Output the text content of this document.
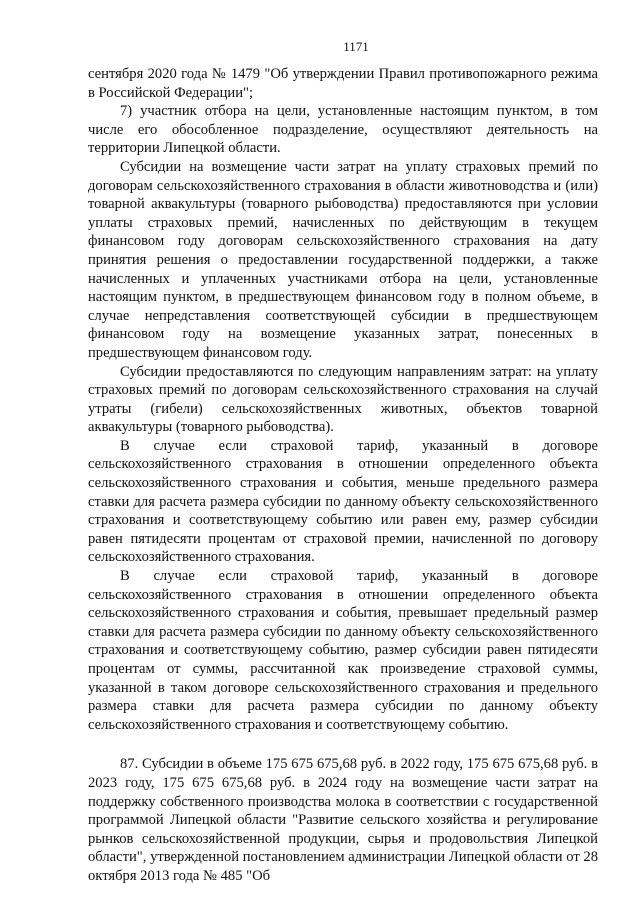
1171

сентября 2020 года № 1479 "Об утверждении Правил противопожарного режима в Российской Федерации";

7) участник отбора на цели, установленные настоящим пунктом, в том числе его обособленное подразделение, осуществляют деятельность на территории Липецкой области.

Субсидии на возмещение части затрат на уплату страховых премий по договорам сельскохозяйственного страхования в области животноводства и (или) товарной аквакультуры (товарного рыбоводства) предоставляются при условии уплаты страховых премий, начисленных по действующим в текущем финансовом году договорам сельскохозяйственного страхования на дату принятия решения о предоставлении государственной поддержки, а также начисленных и уплаченных участниками отбора на цели, установленные настоящим пунктом, в предшествующем финансовом году в полном объеме, в случае непредставления соответствующей субсидии в предшествующем финансовом году на возмещение указанных затрат, понесенных в предшествующем финансовом году.

Субсидии предоставляются по следующим направлениям затрат: на уплату страховых премий по договорам сельскохозяйственного страхования на случай утраты (гибели) сельскохозяйственных животных, объектов товарной аквакультуры (товарного рыбоводства).

В случае если страховой тариф, указанный в договоре сельскохозяйственного страхования в отношении определенного объекта сельскохозяйственного страхования и события, меньше предельного размера ставки для расчета размера субсидии по данному объекту сельскохозяйственного страхования и соответствующему событию или равен ему, размер субсидии равен пятидесяти процентам от страховой премии, начисленной по договору сельскохозяйственного страхования.

В случае если страховой тариф, указанный в договоре сельскохозяйственного страхования в отношении определенного объекта сельскохозяйственного страхования и события, превышает предельный размер ставки для расчета размера субсидии по данному объекту сельскохозяйственного страхования и соответствующему событию, размер субсидии равен пятидесяти процентам от суммы, рассчитанной как произведение страховой суммы, указанной в таком договоре сельскохозяйственного страхования и предельного размера ставки для расчета размера субсидии по данному объекту сельскохозяйственного страхования и соответствующему событию.

87. Субсидии в объеме 175 675 675,68 руб. в 2022 году, 175 675 675,68 руб. в 2023 году, 175 675 675,68 руб. в 2024 году на возмещение части затрат на поддержку собственного производства молока в соответствии с государственной программой Липецкой области "Развитие сельского хозяйства и регулирование рынков сельскохозяйственной продукции, сырья и продовольствия Липецкой области", утвержденной постановлением администрации Липецкой области от 28 октября 2013 года № 485 "Об
